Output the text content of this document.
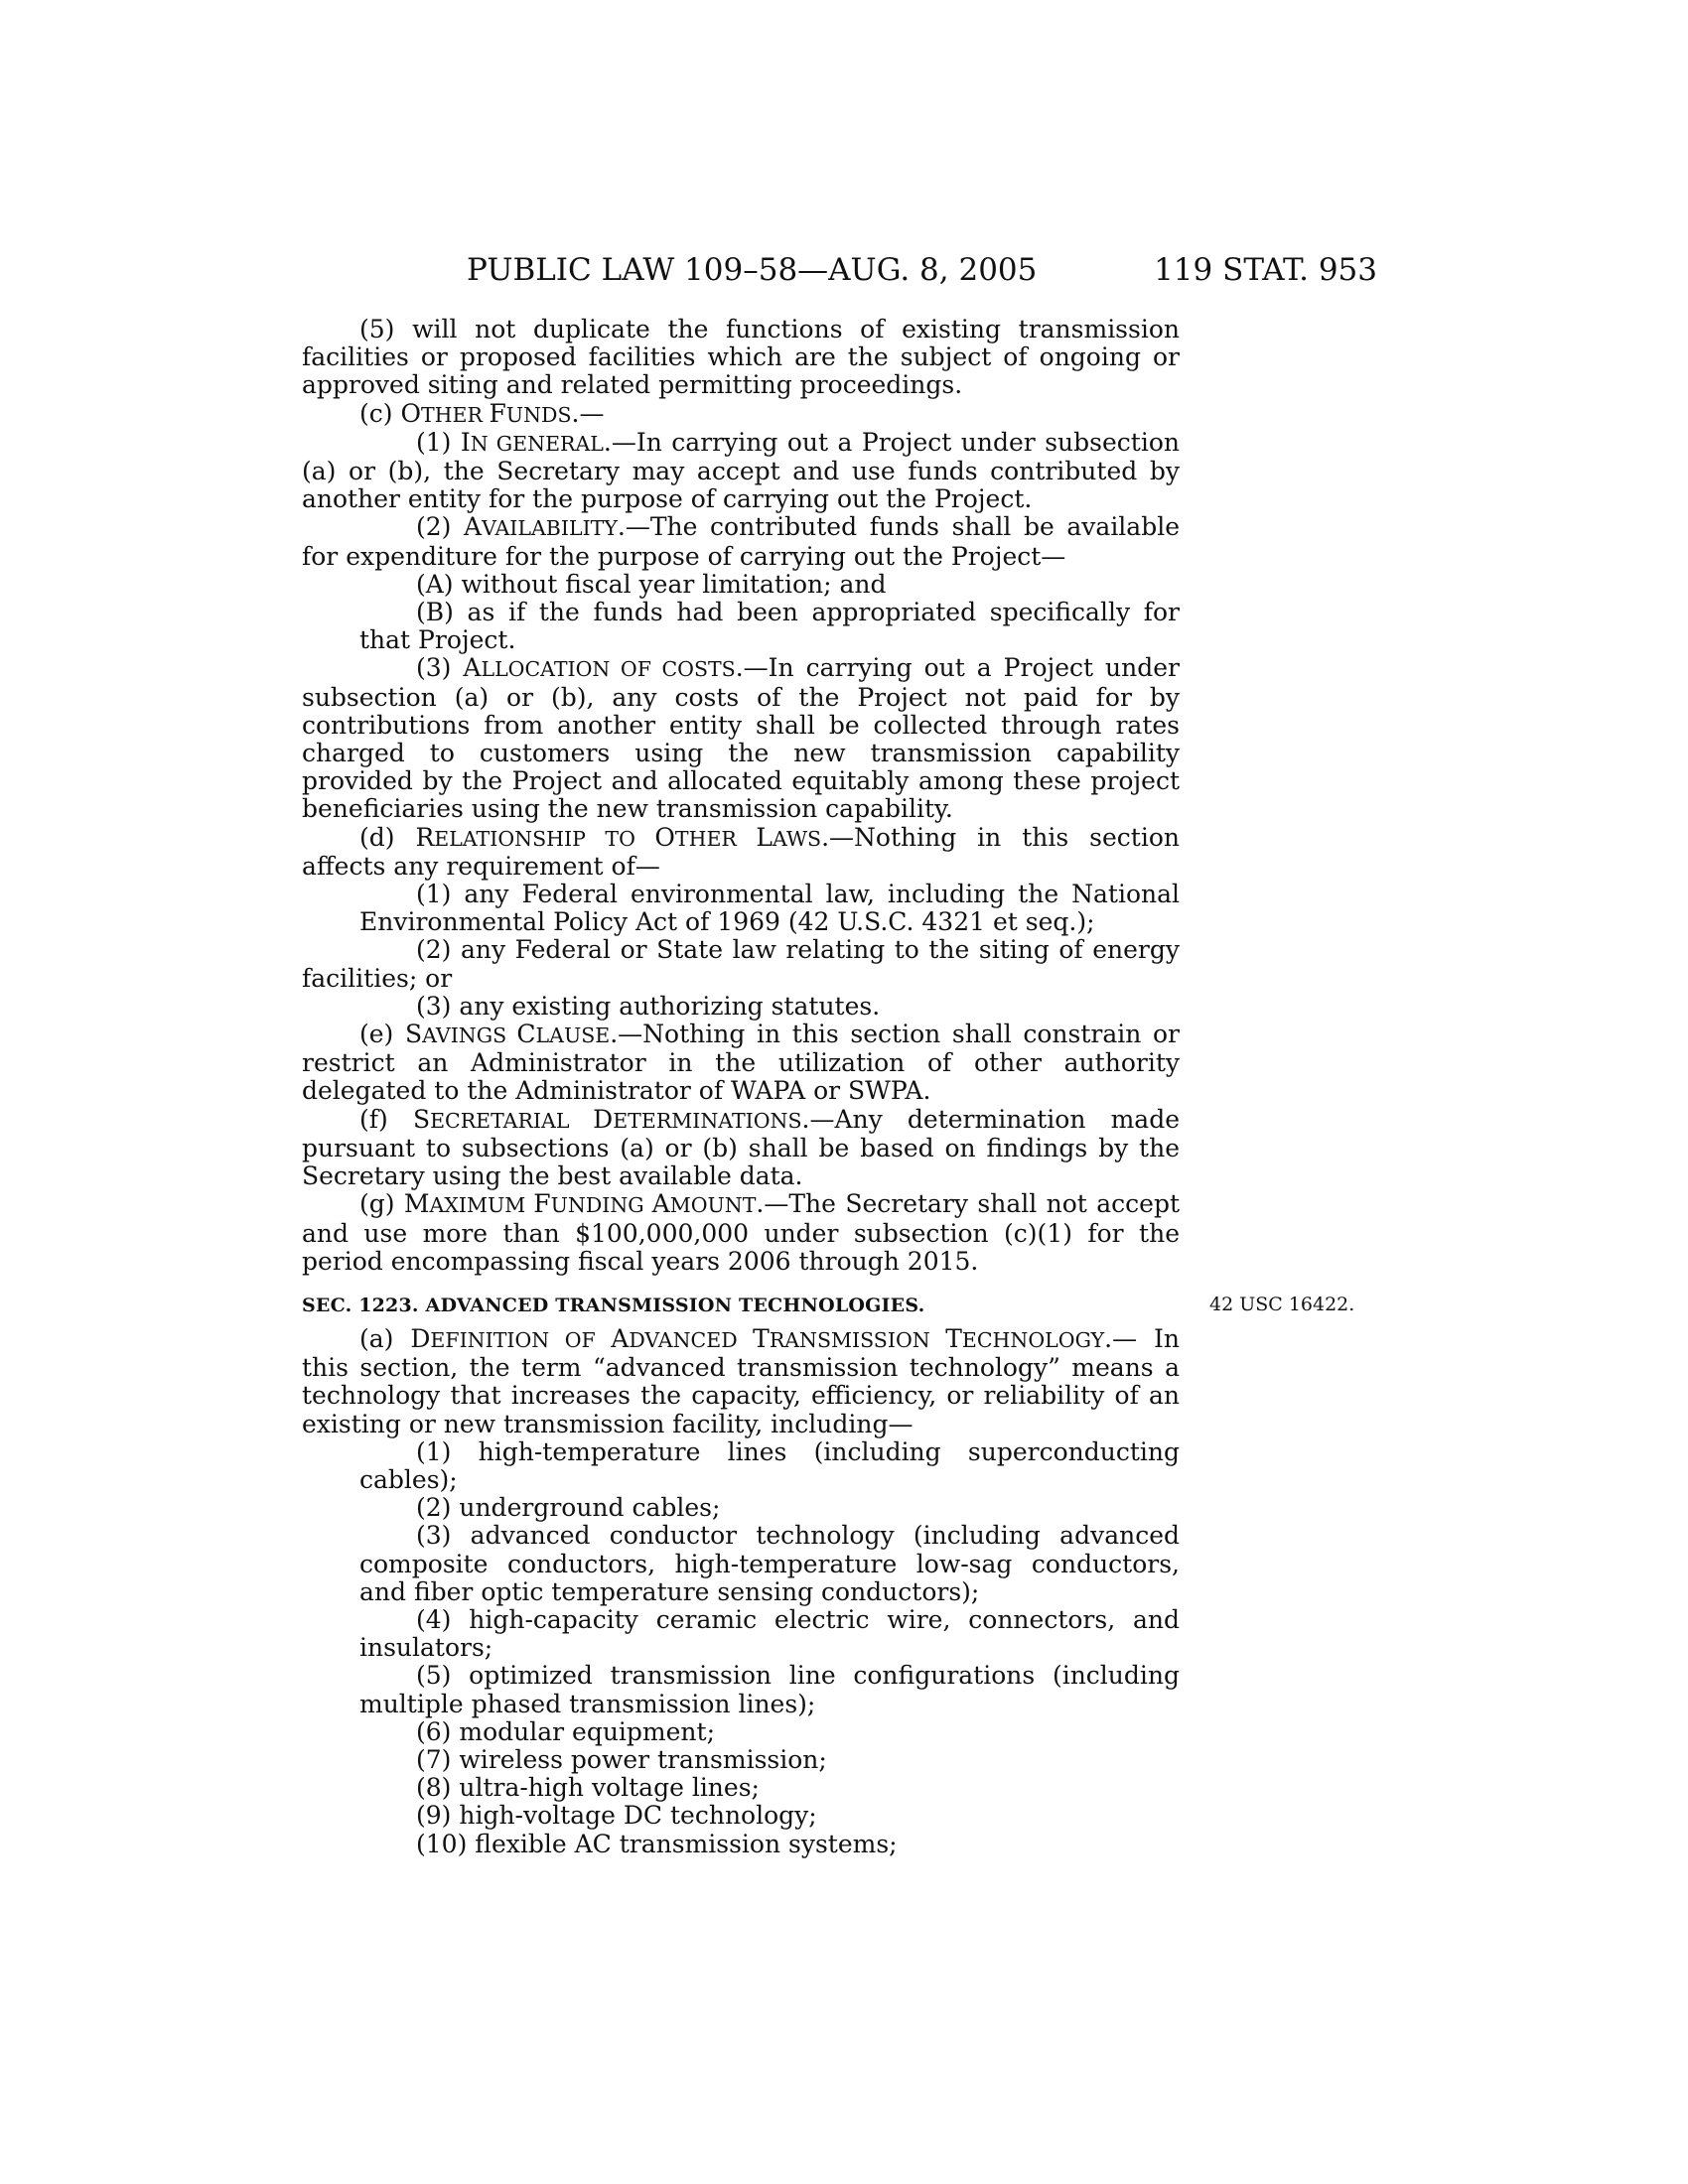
PUBLIC LAW 109–58—AUG. 8, 2005	119 STAT. 953

(5) will not duplicate the functions of existing transmission facilities or proposed facilities which are the subject of ongoing or approved siting and related permitting proceedings.

(c) OTHER FUNDS.—

(1) IN GENERAL.—In carrying out a Project under subsection (a) or (b), the Secretary may accept and use funds contributed by another entity for the purpose of carrying out the Project.

(2) AVAILABILITY.—The contributed funds shall be available for expenditure for the purpose of carrying out the Project—

(A) without fiscal year limitation; and

(B) as if the funds had been appropriated specifically for that Project.

(3) ALLOCATION OF COSTS.—In carrying out a Project under subsection (a) or (b), any costs of the Project not paid for by contributions from another entity shall be collected through rates charged to customers using the new transmission capability provided by the Project and allocated equitably among these project beneficiaries using the new transmission capability.

(d) RELATIONSHIP TO OTHER LAWS.—Nothing in this section affects any requirement of—

(1) any Federal environmental law, including the National Environmental Policy Act of 1969 (42 U.S.C. 4321 et seq.);

(2) any Federal or State law relating to the siting of energy facilities; or

(3) any existing authorizing statutes.

(e) SAVINGS CLAUSE.—Nothing in this section shall constrain or restrict an Administrator in the utilization of other authority delegated to the Administrator of WAPA or SWPA.

(f) SECRETARIAL DETERMINATIONS.—Any determination made pursuant to subsections (a) or (b) shall be based on findings by the Secretary using the best available data.

(g) MAXIMUM FUNDING AMOUNT.—The Secretary shall not accept and use more than $100,000,000 under subsection (c)(1) for the period encompassing fiscal years 2006 through 2015.

SEC. 1223. ADVANCED TRANSMISSION TECHNOLOGIES.	42 USC 16422.

(a) DEFINITION OF ADVANCED TRANSMISSION TECHNOLOGY.— In this section, the term “advanced transmission technology” means a technology that increases the capacity, efficiency, or reliability of an existing or new transmission facility, including—

(1) high-temperature lines (including superconducting cables);

(2) underground cables;

(3) advanced conductor technology (including advanced composite conductors, high-temperature low-sag conductors, and fiber optic temperature sensing conductors);

(4) high-capacity ceramic electric wire, connectors, and insulators;

(5) optimized transmission line configurations (including multiple phased transmission lines);

(6) modular equipment;

(7) wireless power transmission;

(8) ultra-high voltage lines;

(9) high-voltage DC technology;

(10) flexible AC transmission systems;
